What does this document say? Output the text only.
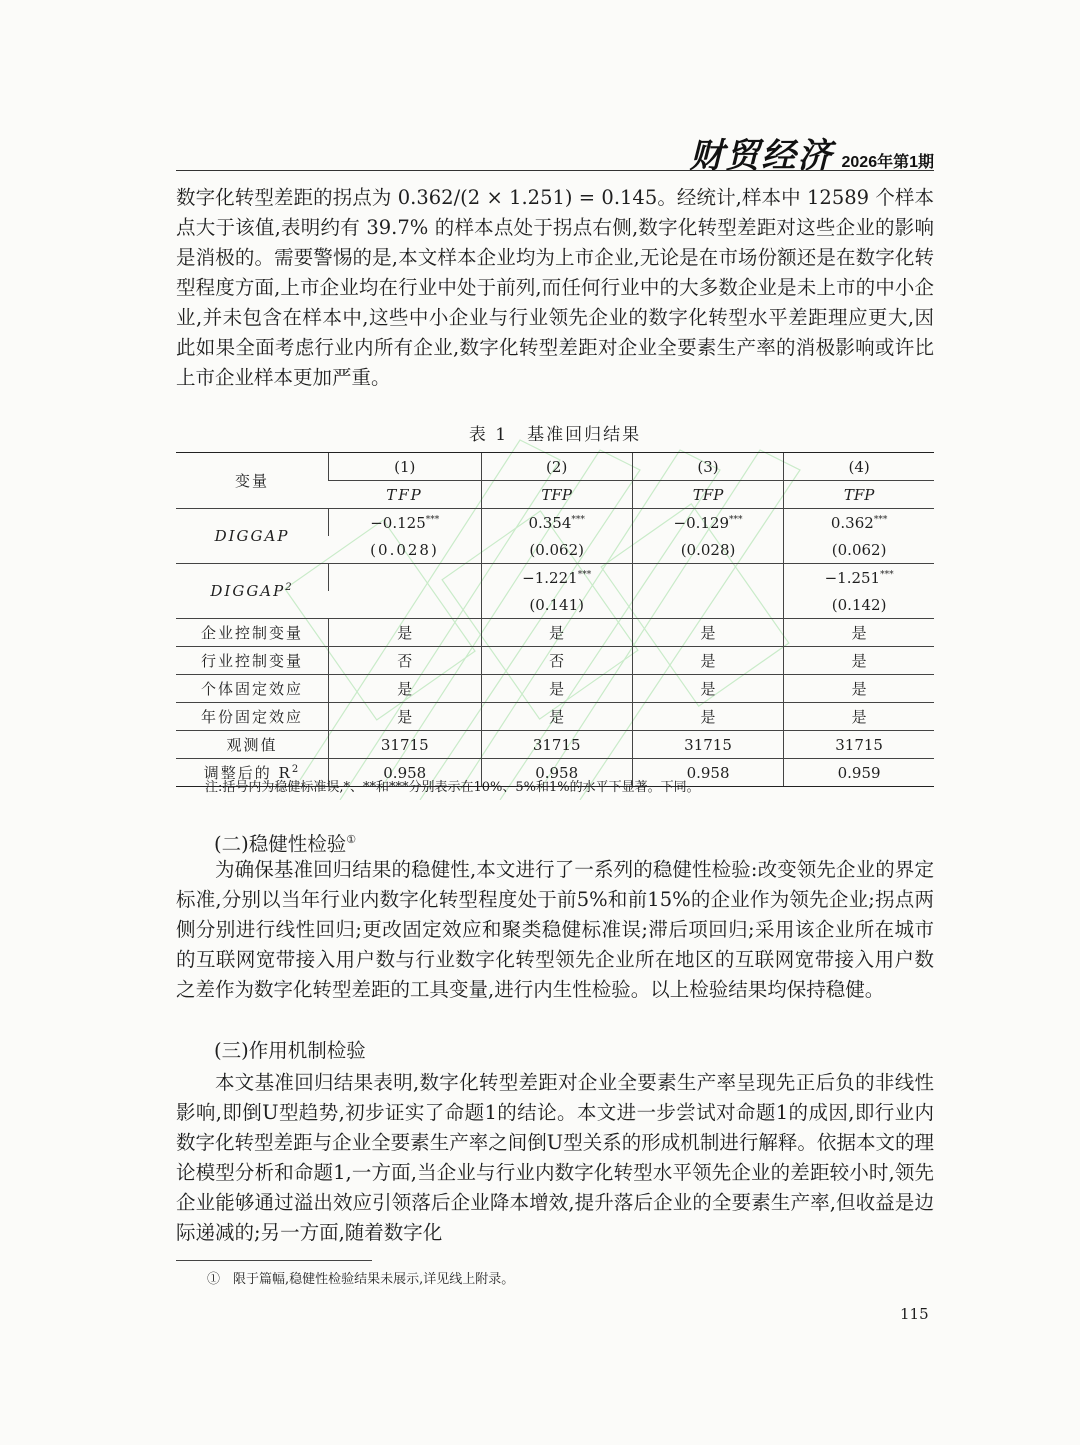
财贸经济 2026年第1期

数字化转型差距的拐点为 0.362/(2 × 1.251) = 0.145。经统计,样本中 12589 个样本点大于该值,表明约有 39.7% 的样本点处于拐点右侧,数字化转型差距对这些企业的影响是消极的。需要警惕的是,本文样本企业均为上市企业,无论是在市场份额还是在数字化转型程度方面,上市企业均在行业中处于前列,而任何行业中的大多数企业是未上市的中小企业,并未包含在样本中,这些中小企业与行业领先企业的数字化转型水平差距理应更大,因此如果全面考虑行业内所有企业,数字化转型差距对企业全要素生产率的消极影响或许比上市企业样本更加严重。

表 1　基准回归结果
变量	(1)	(2)	(3)	(4)
	TFP	TFP	TFP	TFP
DIGGAP	−0.125***	0.354***	−0.129***	0.362***
	(0.028)	(0.062)	(0.028)	(0.062)
DIGGAP$^2$		−1.221***		−1.251***
		(0.141)		(0.142)
企业控制变量	是	是	是	是
行业控制变量	否	否	是	是
个体固定效应	是	是	是	是
年份固定效应	是	是	是	是
观测值	31715	31715	31715	31715
调整后的 $R^2$	0.958	0.958	0.958	0.959
注:括号内为稳健标准误,*、**和***分别表示在10%、5%和1%的水平下显著。下同。

(二)稳健性检验①

为确保基准回归结果的稳健性,本文进行了一系列的稳健性检验:改变领先企业的界定标准,分别以当年行业内数字化转型程度处于前5%和前15%的企业作为领先企业;拐点两侧分别进行线性回归;更改固定效应和聚类稳健标准误;滞后项回归;采用该企业所在城市的互联网宽带接入用户数与行业数字化转型领先企业所在地区的互联网宽带接入用户数之差作为数字化转型差距的工具变量,进行内生性检验。以上检验结果均保持稳健。

(三)作用机制检验

本文基准回归结果表明,数字化转型差距对企业全要素生产率呈现先正后负的非线性影响,即倒U型趋势,初步证实了命题1的结论。本文进一步尝试对命题1的成因,即行业内数字化转型差距与企业全要素生产率之间倒U型关系的形成机制进行解释。依据本文的理论模型分析和命题1,一方面,当企业与行业内数字化转型水平领先企业的差距较小时,领先企业能够通过溢出效应引领落后企业降本增效,提升落后企业的全要素生产率,但收益是边际递减的;另一方面,随着数字化

①　限于篇幅,稳健性检验结果未展示,详见线上附录。
115
